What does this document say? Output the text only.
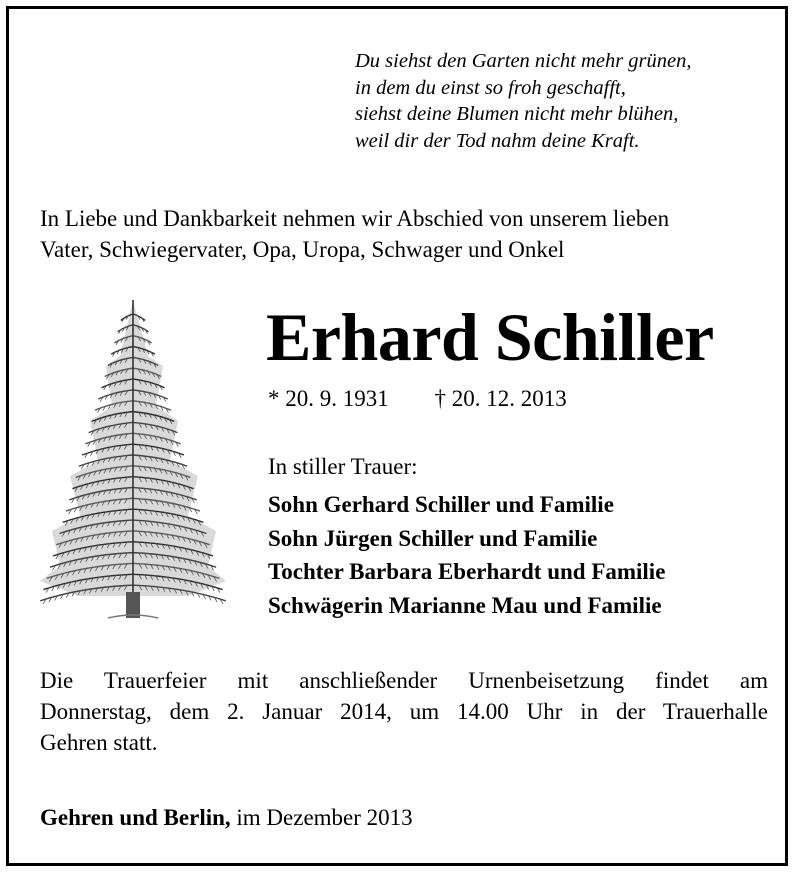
Du siehst den Garten nicht mehr grünen,
in dem du einst so froh geschafft,
siehst deine Blumen nicht mehr blühen,
weil dir der Tod nahm deine Kraft.
In Liebe und Dankbarkeit nehmen wir Abschied von unserem lieben
Vater, Schwiegervater, Opa, Uropa, Schwager und Onkel
Erhard Schiller
* 20. 9. 1931 † 20. 12. 2013
In stiller Trauer:
Sohn Gerhard Schiller und Familie
Sohn Jürgen Schiller und Familie
Tochter Barbara Eberhardt und Familie
Schwägerin Marianne Mau und Familie
Die Trauerfeier mit anschließender Urnenbeisetzung findet am
Donnerstag, dem 2. Januar 2014, um 14.00 Uhr in der Trauerhalle
Gehren statt.
Gehren und Berlin, im Dezember 2013
